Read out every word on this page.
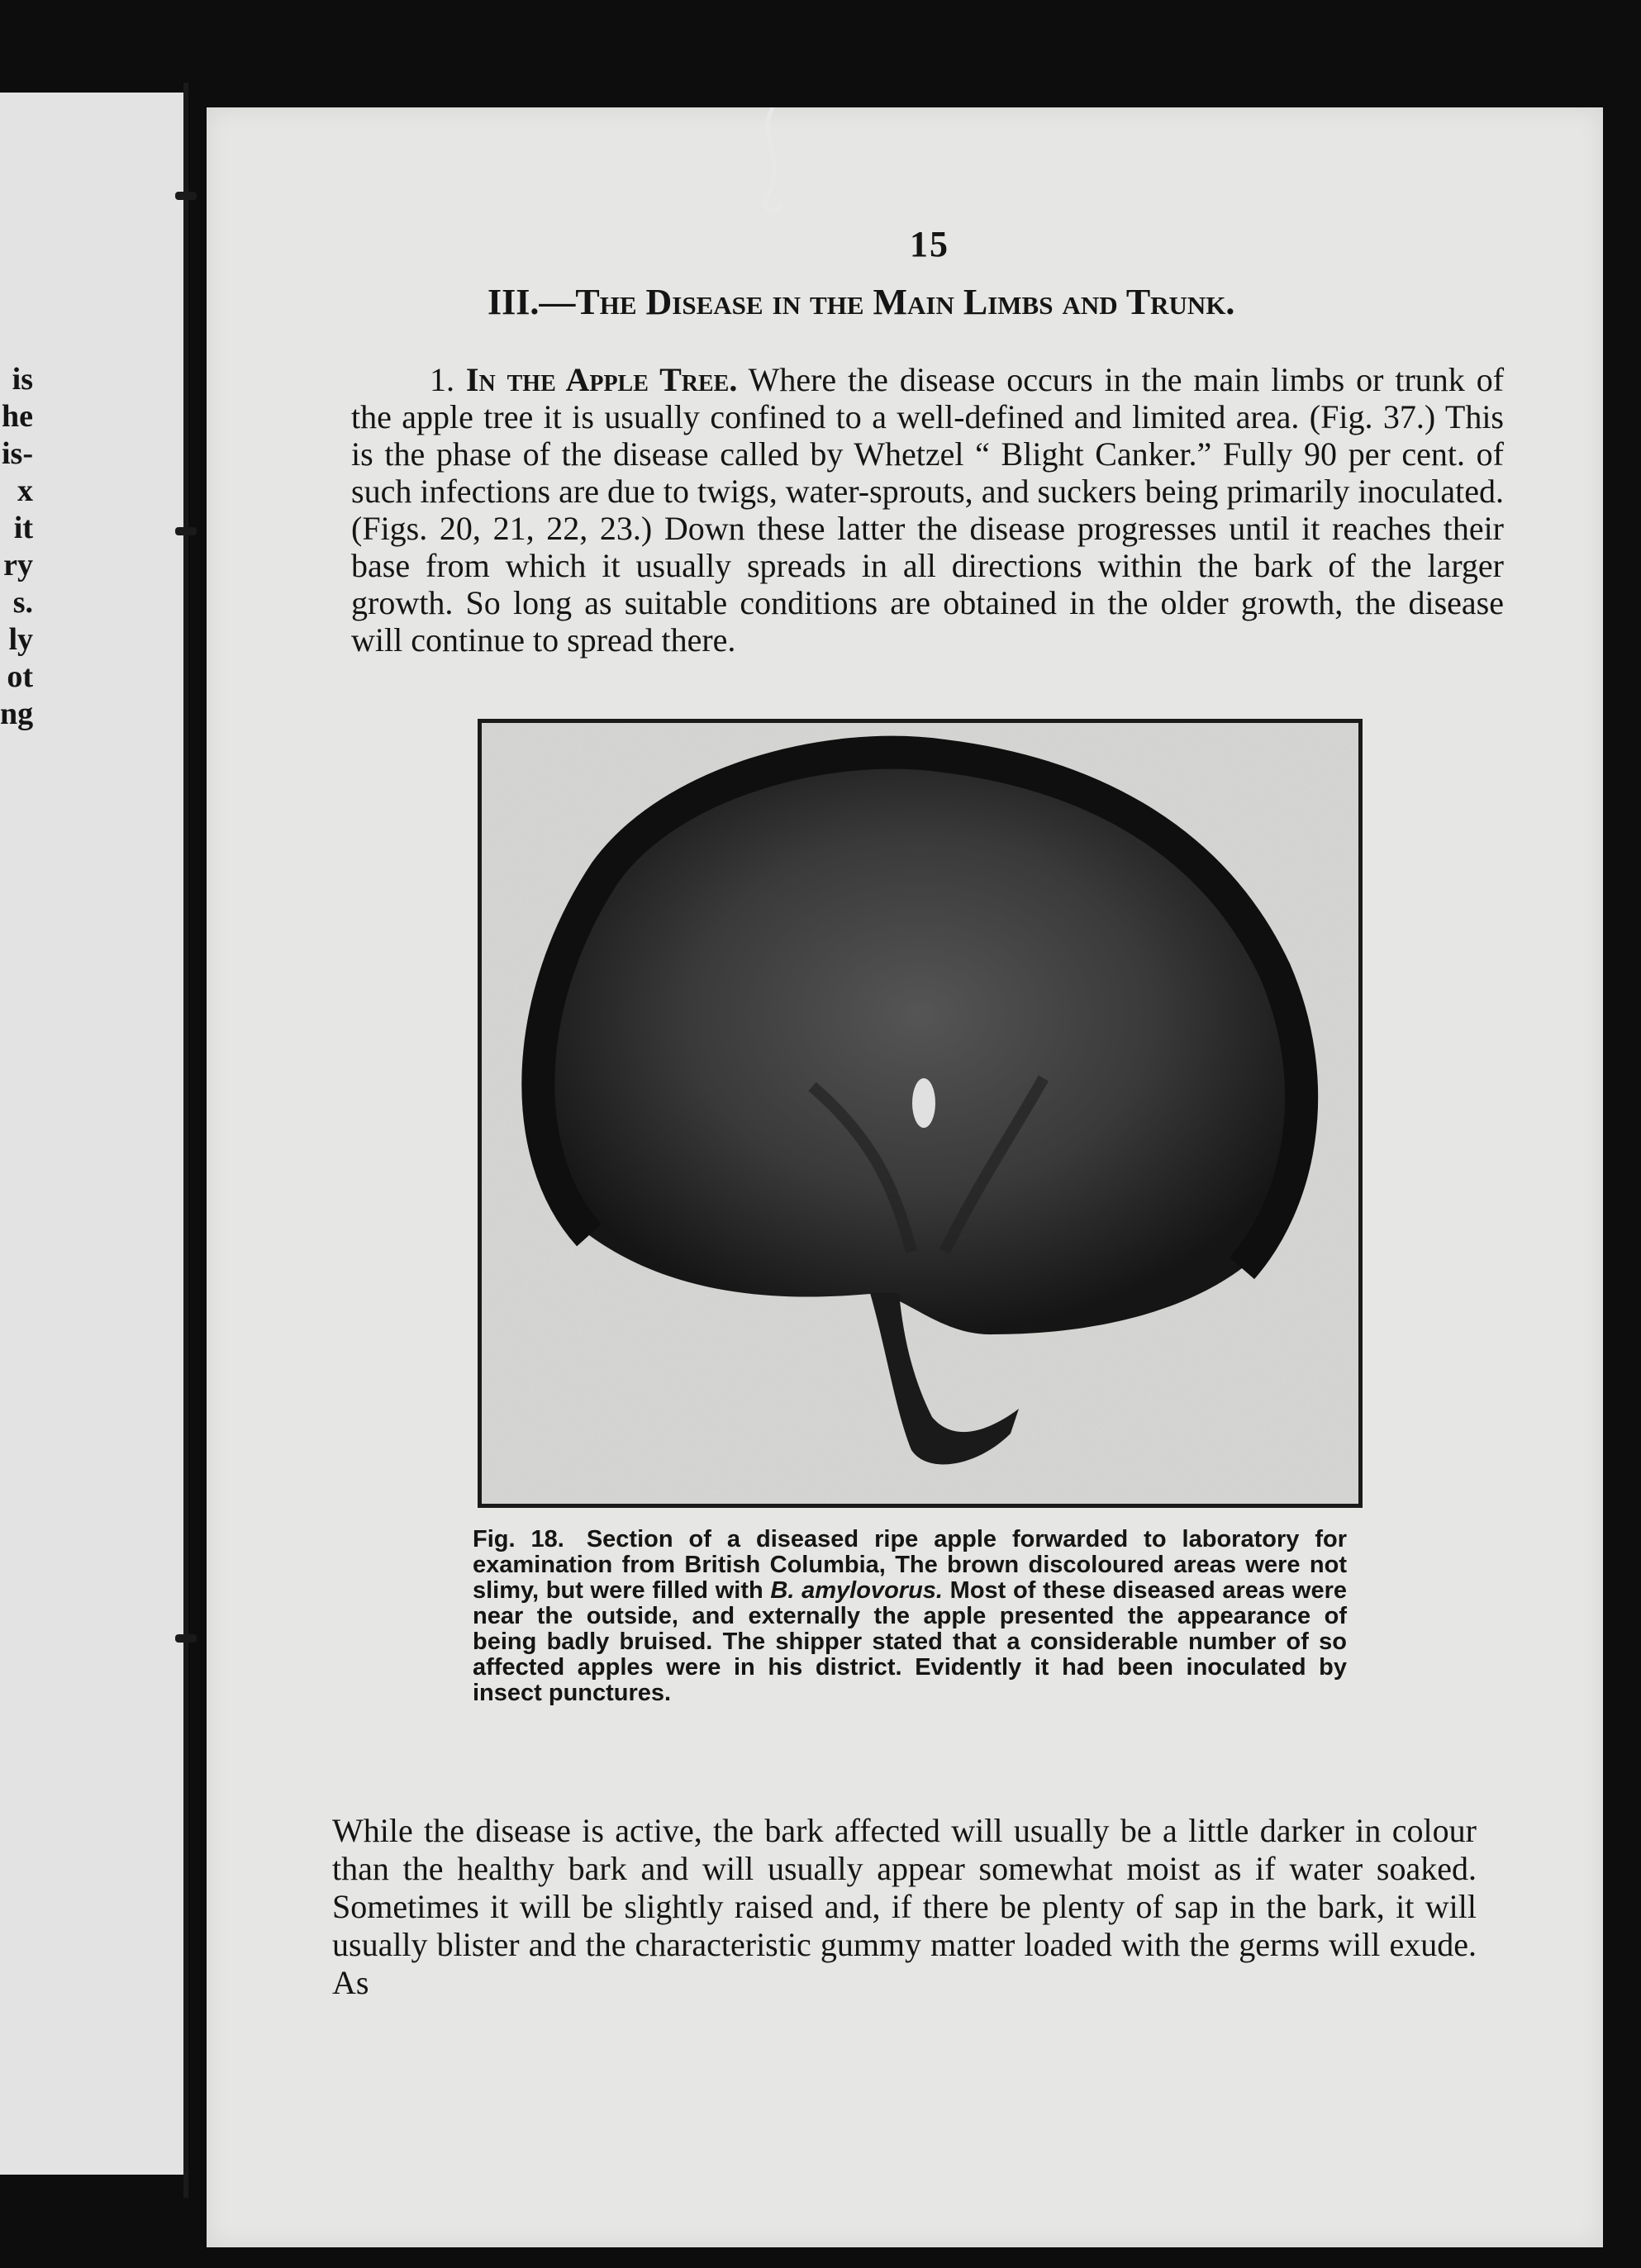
is
he
is-
x
it
ry
s.
ly
ot
ng
15
III.—The Disease in the Main Limbs and Trunk.
1. In the Apple Tree. Where the disease occurs in the main limbs or trunk of the apple tree it is usually confined to a well-defined and limited area. (Fig. 37.) This is the phase of the disease called by Whetzel “ Blight Canker.” Fully 90 per cent. of such infections are due to twigs, water-sprouts, and suckers being primarily inoculated. (Figs. 20, 21, 22, 23.) Down these latter the disease progresses until it reaches their base from which it usually spreads in all directions within the bark of the larger growth. So long as suitable conditions are obtained in the older growth, the disease will continue to spread there.
Fig. 18. Section of a diseased ripe apple forwarded to laboratory for examination from British Columbia, The brown discoloured areas were not slimy, but were filled with B. amylovorus. Most of these diseased areas were near the outside, and externally the apple presented the appearance of being badly bruised. The shipper stated that a considerable number of so affected apples were in his district. Evidently it had been inoculated by insect punctures.
While the disease is active, the bark affected will usually be a little darker in colour than the healthy bark and will usually appear somewhat moist as if water soaked. Sometimes it will be slightly raised and, if there be plenty of sap in the bark, it will usually blister and the characteristic gummy matter loaded with the germs will exude. As
